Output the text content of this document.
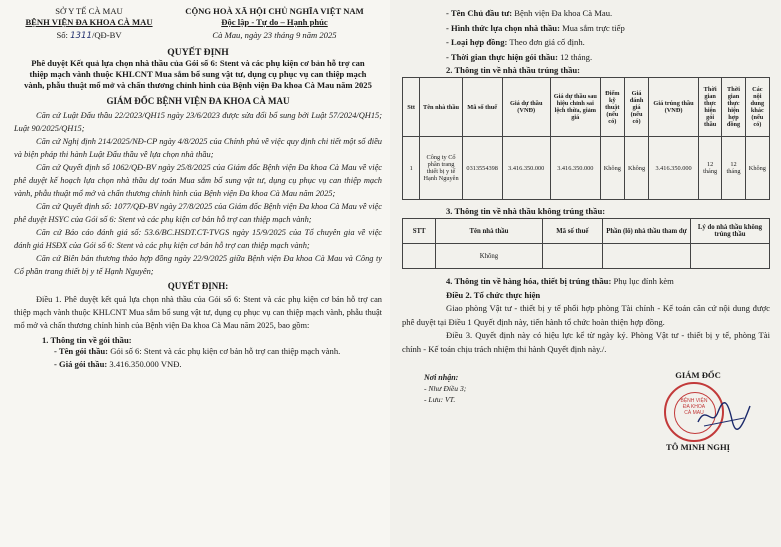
SỞ Y TẾ CÀ MAU
BỆNH VIỆN ĐA KHOA CÀ MAU
CỘNG HOÀ XÃ HỘI CHỦ NGHĨA VIỆT NAM
Độc lập - Tự do – Hạnh phúc
Số: 1311/QĐ-BV	Cà Mau, ngày 23 tháng 9 năm 2025
QUYẾT ĐỊNH
Phê duyệt Kết quả lựa chọn nhà thầu của Gói số 6: Stent và các phụ kiện cơ bản hỗ trợ can thiệp mạch vành thuộc KHLCNT Mua sắm bổ sung vật tư, dụng cụ phục vụ can thiệp mạch vành, phẫu thuật mổ mở và chấn thương chỉnh hình của Bệnh viện Đa khoa Cà Mau năm 2025
GIÁM ĐỐC BỆNH VIỆN ĐA KHOA CÀ MAU

Căn cứ Luật Đấu thầu 22/2023/QH15 ngày 23/6/2023 được sửa đổi bổ sung bởi Luật 57/2024/QH15; Luật 90/2025/QH15;

Căn cứ Nghị định 214/2025/NĐ-CP ngày 4/8/2025 của Chính phủ về việc quy định chi tiết một số điều và biện pháp thi hành Luật Đấu thầu về lựa chọn nhà thầu;

Căn cứ Quyết định số 1062/QĐ-BV ngày 25/8/2025 của Giám đốc Bệnh viện Đa khoa Cà Mau về việc phê duyệt kế hoạch lựa chọn nhà thầu dự toán Mua sắm bổ sung vật tư, dụng cụ phục vụ can thiệp mạch vành, phẫu thuật mổ mở và chấn thương chỉnh hình của Bệnh viện Đa khoa Cà Mau năm 2025;

Căn cứ Quyết định số: 1077/QĐ-BV ngày 27/8/2025 của Giám đốc Bệnh viện Đa khoa Cà Mau về việc phê duyệt HSYC của Gói số 6: Stent và các phụ kiện cơ bản hỗ trợ can thiệp mạch vành;

Căn cứ Báo cáo đánh giá số: 53.6/BC.HSDT.CT-TVGS ngày 15/9/2025 của Tổ chuyên gia về việc đánh giá HSĐX của Gói số 6: Stent và các phụ kiện cơ bản hỗ trợ can thiệp mạch vành;

Căn cứ Biên bản thương thảo hợp đồng ngày 22/9/2025 giữa Bệnh viện Đa khoa Cà Mau và Công ty Cổ phần trang thiết bị y tế Hạnh Nguyên;

QUYẾT ĐỊNH:

Điều 1. Phê duyệt kết quả lựa chọn nhà thầu của Gói số 6: Stent và các phụ kiện cơ bản hỗ trợ can thiệp mạch vành thuộc KHLCNT Mua sắm bổ sung vật tư, dụng cụ phục vụ can thiệp mạch vành, phẫu thuật mổ mở và chấn thương chỉnh hình của Bệnh viện Đa khoa Cà Mau năm 2025, bao gồm:

1. Thông tin về gói thầu:
- Tên gói thầu: Gói số 6: Stent và các phụ kiện cơ bản hỗ trợ can thiệp mạch vành.
- Giá gói thầu: 3.416.350.000 VNĐ.
- Tên Chủ đầu tư: Bệnh viện Đa khoa Cà Mau.
- Hình thức lựa chọn nhà thầu: Mua sắm trực tiếp
- Loại hợp đồng: Theo đơn giá cố định.
- Thời gian thực hiện gói thầu: 12 tháng.
2. Thông tin về nhà thầu trúng thầu:
Stt	Tên nhà thầu	Mã số thuế	Giá dự thầu (VNĐ)	Giá dự thầu sau hiệu chỉnh sai lệch thừa, giảm giá	Điểm kỹ thuật (nếu có)	Giá đánh giá (nếu có)	Giá trúng thầu (VNĐ)	Thời gian thực hiện gói thầu	Thời gian thực hiện hợp đồng	Các nội dung khác (nếu có)
1	Công ty Cổ phần trang thiết bị y tế Hạnh Nguyên	0313554398	3.416.350.000	3.416.350.000	Không	Không	3.416.350.000	12 tháng	12 tháng	Không
3. Thông tin về nhà thầu không trúng thầu:
STT	Tên nhà thầu	Mã số thuế	Phần (lô) nhà thầu tham dự	Lý do nhà thầu không trúng thầu
	Không			
4. Thông tin về hàng hóa, thiết bị trúng thầu: Phụ lục đính kèm
Điều 2. Tổ chức thực hiện

Giao phòng Vật tư - thiết bị y tế phối hợp phòng Tài chính - Kế toán căn cứ nội dung được phê duyệt tại Điều 1 Quyết định này, tiến hành tổ chức hoàn thiện hợp đồng.

Điều 3. Quyết định này có hiệu lực kể từ ngày ký. Phòng Vật tư - thiết bị y tế, phòng Tài chính - Kế toán chịu trách nhiệm thi hành Quyết định này./.

Nơi nhận:
- Như Điều 3;
- Lưu: VT.
GIÁM ĐỐC
BỆNH VIỆN
ĐA KHOA
CÀ MAU
TÔ MINH NGHỊ
